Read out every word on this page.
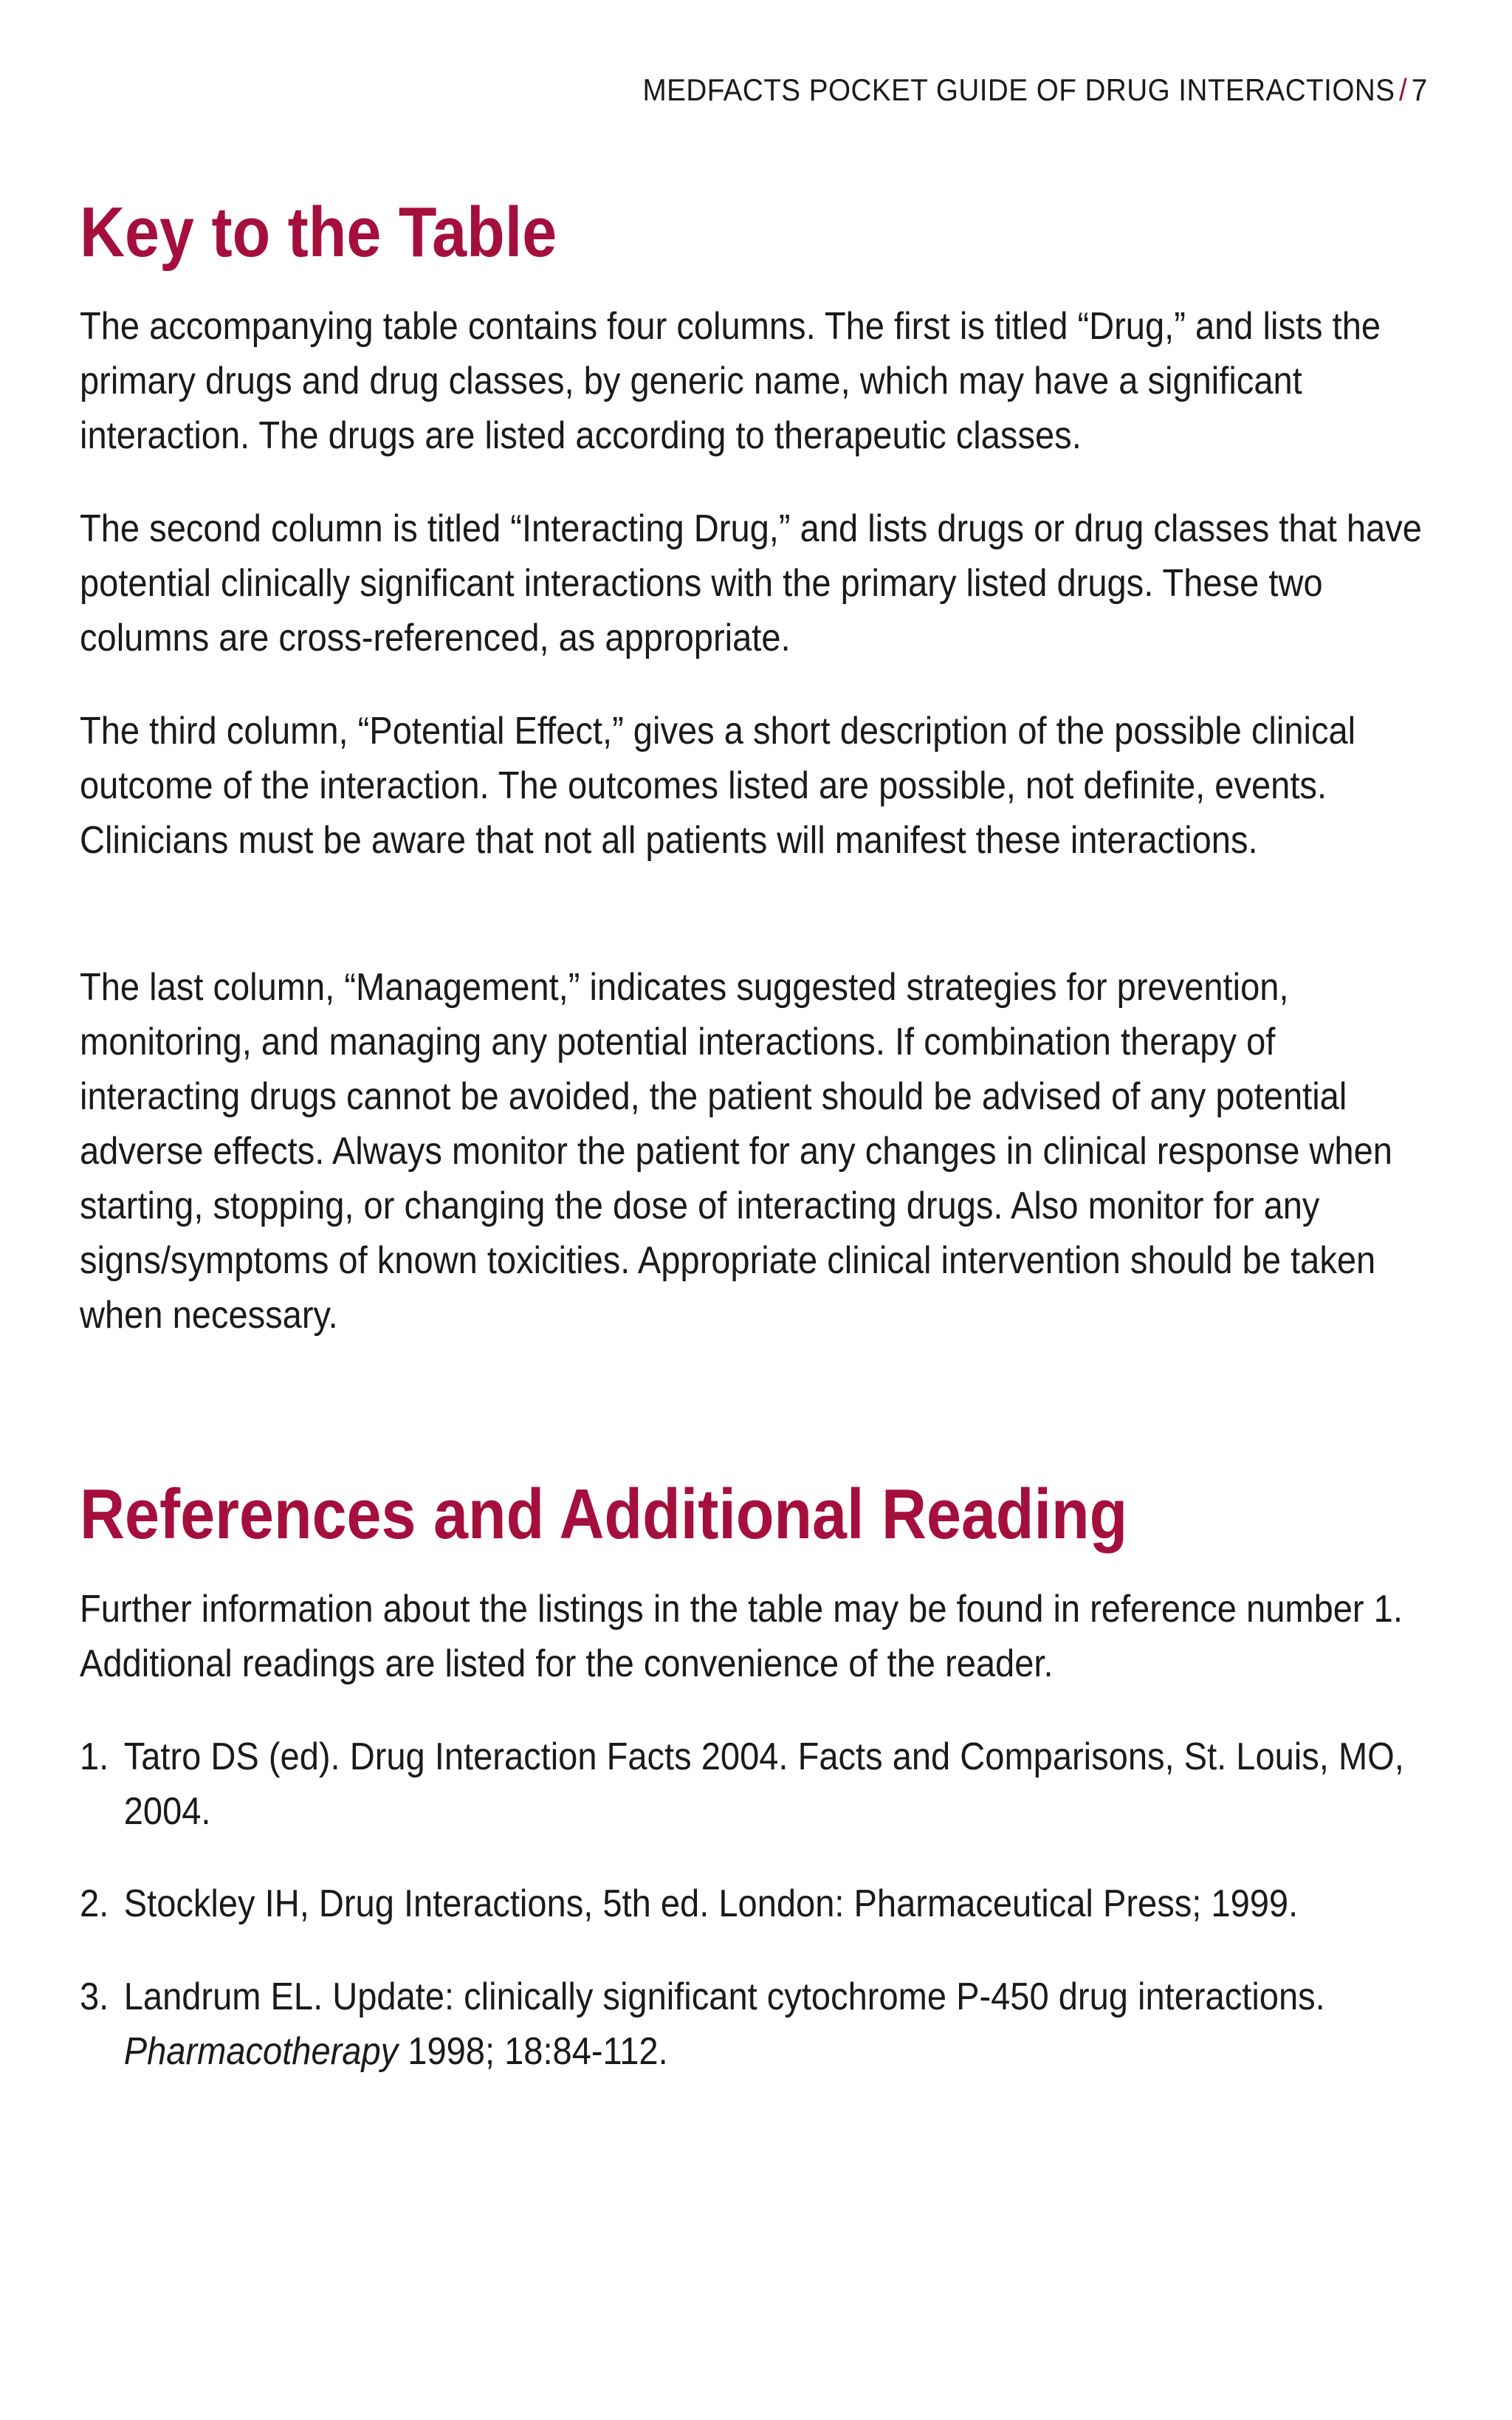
MEDFACTS POCKET GUIDE OF DRUG INTERACTIONS / 7
Key to the Table

The accompanying table contains four columns. The first is titled “Drug,” and lists the primary drugs and drug classes, by generic name, which may have a significant interaction. The drugs are listed according to therapeutic classes.

The second column is titled “Interacting Drug,” and lists drugs or drug classes that have potential clinically significant interactions with the primary listed drugs. These two columns are cross-referenced, as appropriate.

The third column, “Potential Effect,” gives a short description of the possible clinical outcome of the interaction. The outcomes listed are possible, not definite, events. Clinicians must be aware that not all patients will manifest these interactions.

The last column, “Management,” indicates suggested strategies for prevention, monitoring, and managing any potential interactions. If combination therapy of interacting drugs cannot be avoided, the patient should be advised of any potential adverse effects. Always monitor the patient for any changes in clinical response when starting, stopping, or changing the dose of interacting drugs. Also monitor for any signs/symptoms of known toxicities. Appropriate clinical intervention should be taken when necessary.

References and Additional Reading

Further information about the listings in the table may be found in reference number 1. Additional readings are listed for the convenience of the reader.

1. Tatro DS (ed). Drug Interaction Facts 2004. Facts and Comparisons, St. Louis, MO, 2004.
2. Stockley IH, Drug Interactions, 5th ed. London: Pharmaceutical Press; 1999.
3. Landrum EL. Update: clinically significant cytochrome P-450 drug interactions.
Pharmacotherapy 1998; 18:84-112.
